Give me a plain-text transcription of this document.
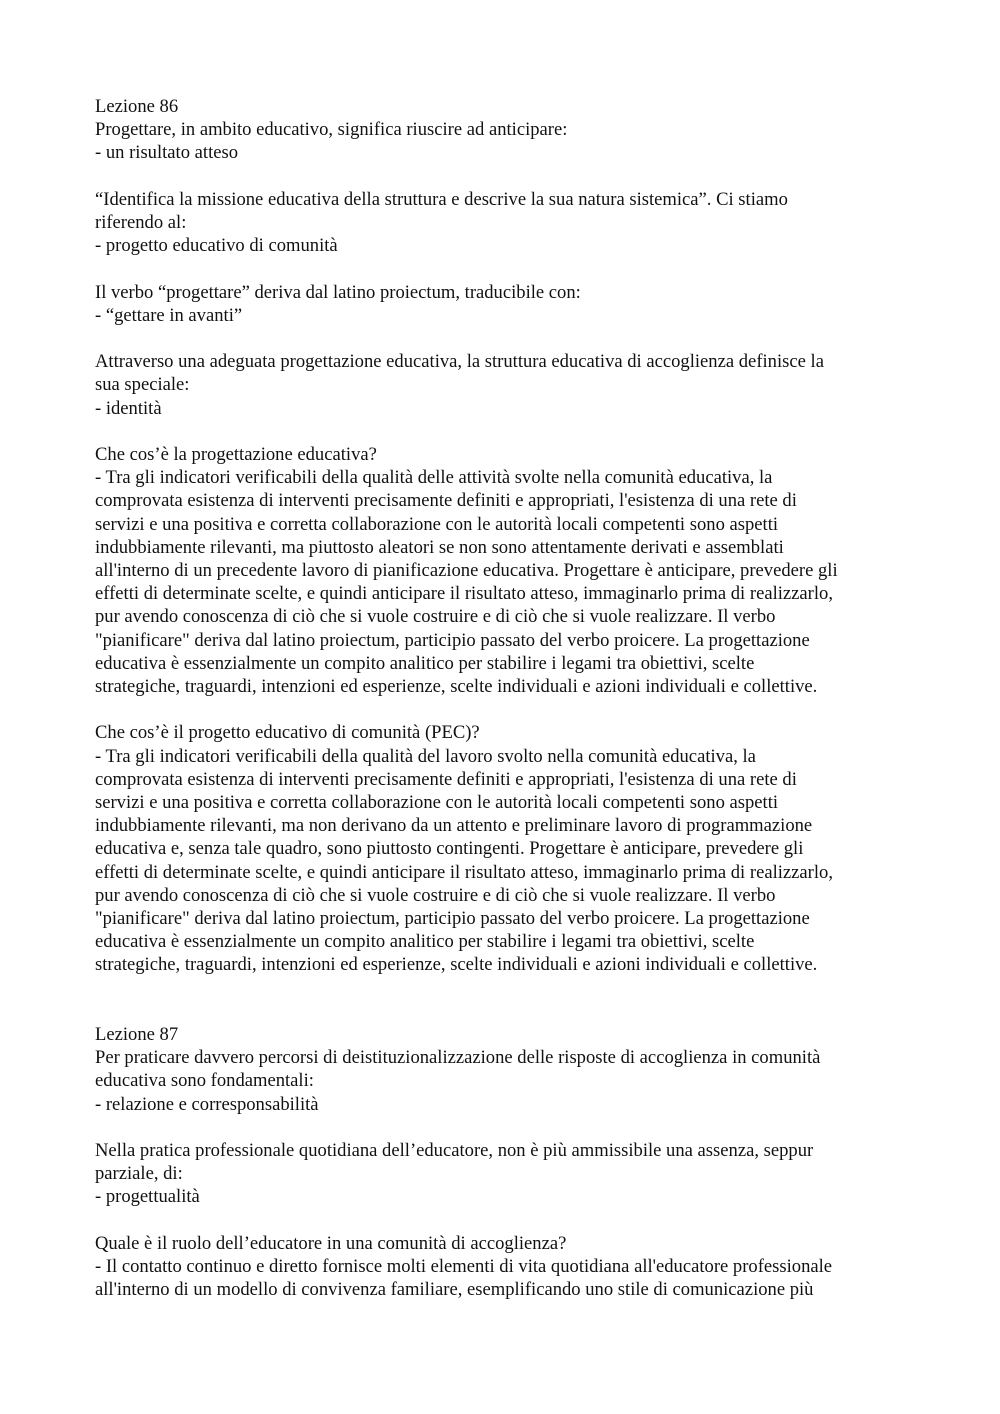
Lezione 86

Progettare, in ambito educativo, significa riuscire ad anticipare:

- un risultato atteso

“Identifica la missione educativa della struttura e descrive la sua natura sistemica”. Ci stiamo

riferendo al:

- progetto educativo di comunità

Il verbo “progettare” deriva dal latino proiectum, traducibile con:

- “gettare in avanti”

Attraverso una adeguata progettazione educativa, la struttura educativa di accoglienza definisce la

sua speciale:

- identità

Che cos’è la progettazione educativa?

- Tra gli indicatori verificabili della qualità delle attività svolte nella comunità educativa, la

comprovata esistenza di interventi precisamente definiti e appropriati, l'esistenza di una rete di

servizi e una positiva e corretta collaborazione con le autorità locali competenti sono aspetti

indubbiamente rilevanti, ma piuttosto aleatori se non sono attentamente derivati e assemblati

all'interno di un precedente lavoro di pianificazione educativa. Progettare è anticipare, prevedere gli

effetti di determinate scelte, e quindi anticipare il risultato atteso, immaginarlo prima di realizzarlo,

pur avendo conoscenza di ciò che si vuole costruire e di ciò che si vuole realizzare. Il verbo

"pianificare" deriva dal latino proiectum, participio passato del verbo proicere. La progettazione

educativa è essenzialmente un compito analitico per stabilire i legami tra obiettivi, scelte

strategiche, traguardi, intenzioni ed esperienze, scelte individuali e azioni individuali e collettive.

Che cos’è il progetto educativo di comunità (PEC)?

- Tra gli indicatori verificabili della qualità del lavoro svolto nella comunità educativa, la

comprovata esistenza di interventi precisamente definiti e appropriati, l'esistenza di una rete di

servizi e una positiva e corretta collaborazione con le autorità locali competenti sono aspetti

indubbiamente rilevanti, ma non derivano da un attento e preliminare lavoro di programmazione

educativa e, senza tale quadro, sono piuttosto contingenti. Progettare è anticipare, prevedere gli

effetti di determinate scelte, e quindi anticipare il risultato atteso, immaginarlo prima di realizzarlo,

pur avendo conoscenza di ciò che si vuole costruire e di ciò che si vuole realizzare. Il verbo

"pianificare" deriva dal latino proiectum, participio passato del verbo proicere. La progettazione

educativa è essenzialmente un compito analitico per stabilire i legami tra obiettivi, scelte

strategiche, traguardi, intenzioni ed esperienze, scelte individuali e azioni individuali e collettive.

Lezione 87

Per praticare davvero percorsi di deistituzionalizzazione delle risposte di accoglienza in comunità

educativa sono fondamentali:

- relazione e corresponsabilità

Nella pratica professionale quotidiana dell’educatore, non è più ammissibile una assenza, seppur

parziale, di:

- progettualità

Quale è il ruolo dell’educatore in una comunità di accoglienza?

- Il contatto continuo e diretto fornisce molti elementi di vita quotidiana all'educatore professionale

all'interno di un modello di convivenza familiare, esemplificando uno stile di comunicazione più
